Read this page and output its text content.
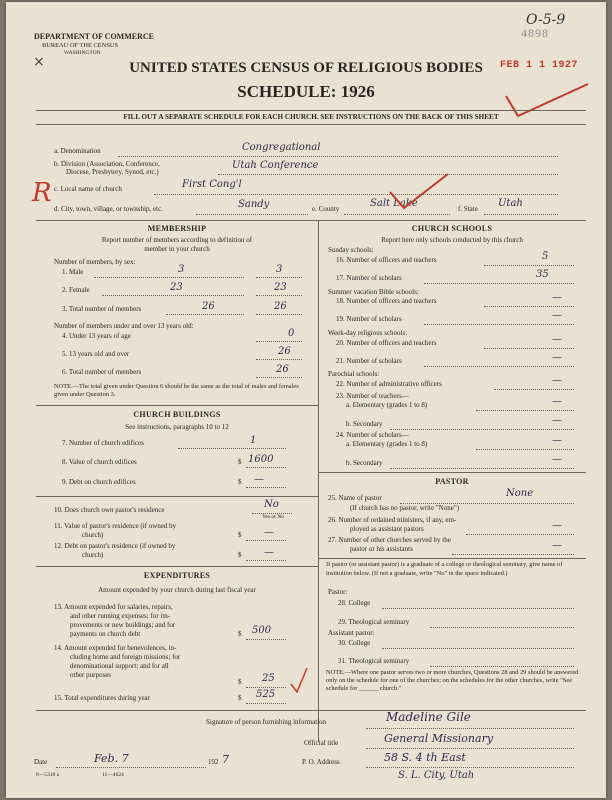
DEPARTMENT OF COMMERCE
BUREAU OF THE CENSUS
WASHINGTON
×
O-5-9
4898
UNITED STATES CENSUS OF RELIGIOUS BODIES
SCHEDULE: 1926
FEB 1 1 1927
FILL OUT A SEPARATE SCHEDULE FOR EACH CHURCH. SEE INSTRUCTIONS ON THE BACK OF THIS SHEET
a. Denomination	Congregational
b. Division (Association, Conference,
Diocese, Presbytery, Synod, etc.)
Utah Conference
R c. Local name of church	First Cong'l
d. City, town, village, or township, etc.	Sandy	e. County	Salt Lake	f. State Utah
MEMBERSHIP
Report number of members according to definition of
member in your church
Number of members, by sex:
1. Male	3	3
2. Female	23	23
3. Total number of members	26	26
Number of members under and over 13 years old:
4. Under 13 years of age	0
5. 13 years old and over	26
6. Total number of members	26
NOTE.—The total given under Question 6 should be the same as the total of males and females given under Question 3.
CHURCH BUILDINGS
See instructions, paragraphs 10 to 12
7. Number of church edifices	1
8. Value of church edifices	$ 1600
9. Debt on church edifices	$ —
10. Does church own pastor's residence	No
Yes or No
11. Value of pastor's residence (if owned by
church)	$ —
12. Debt on pastor's residence (if owned by
church)	$ —
EXPENDITURES
Amount expended by your church during last fiscal year
13. Amount expended for salaries, repairs,
and other running expenses; for im-
provements or new buildings; and for
payments on church debt	$ 500
14. Amount expended for benevolences, in-
cluding home and foreign missions; for
denominational support; and for all
other purposes
$ 25
15. Total expenditures during year	$ 525
CHURCH SCHOOLS
Report here only schools conducted by this church
Sunday schools:
16. Number of officers and teachers	5
17. Number of scholars	35
Summer vacation Bible schools:
18. Number of officers and teachers	—
19. Number of scholars	—
Week-day religious schools:
20. Number of officers and teachers	—
21. Number of scholars	—
Parochial schools:
22. Number of administrative officers	—
23. Number of teachers—
a. Elementary (grades 1 to 8)	—
b. Secondary	—
24. Number of scholars—
a. Elementary (grades 1 to 8)	—
b. Secondary	—
PASTOR
25. Name of pastor	None
(If church has no pastor, write "None")
26. Number of ordained ministers, if any, em-
ployed as assistant pastors	—
27. Number of other churches served by the
pastor or his assistants	—
If pastor (or assistant pastor) is a graduate of a college or theological seminary, give name of institution below. (If not a graduate, write "No" in the space indicated.)
Pastor:
28. College
29. Theological seminary
Assistant pastor:
30. College
31. Theological seminary
NOTE.—Where one pastor serves two or more churches, Questions 28 and 29 should be answered only on the schedule for one of the churches; on the schedules for the other churches, write "See schedule for ______ church."
Signature of person furnishing information	Madeline Gile
Official title	General Missionary
Date	Feb. 7	192 7	P. O. Address	58 S. 4 th East
S. L. City, Utah
8—5318 a	11—4624
